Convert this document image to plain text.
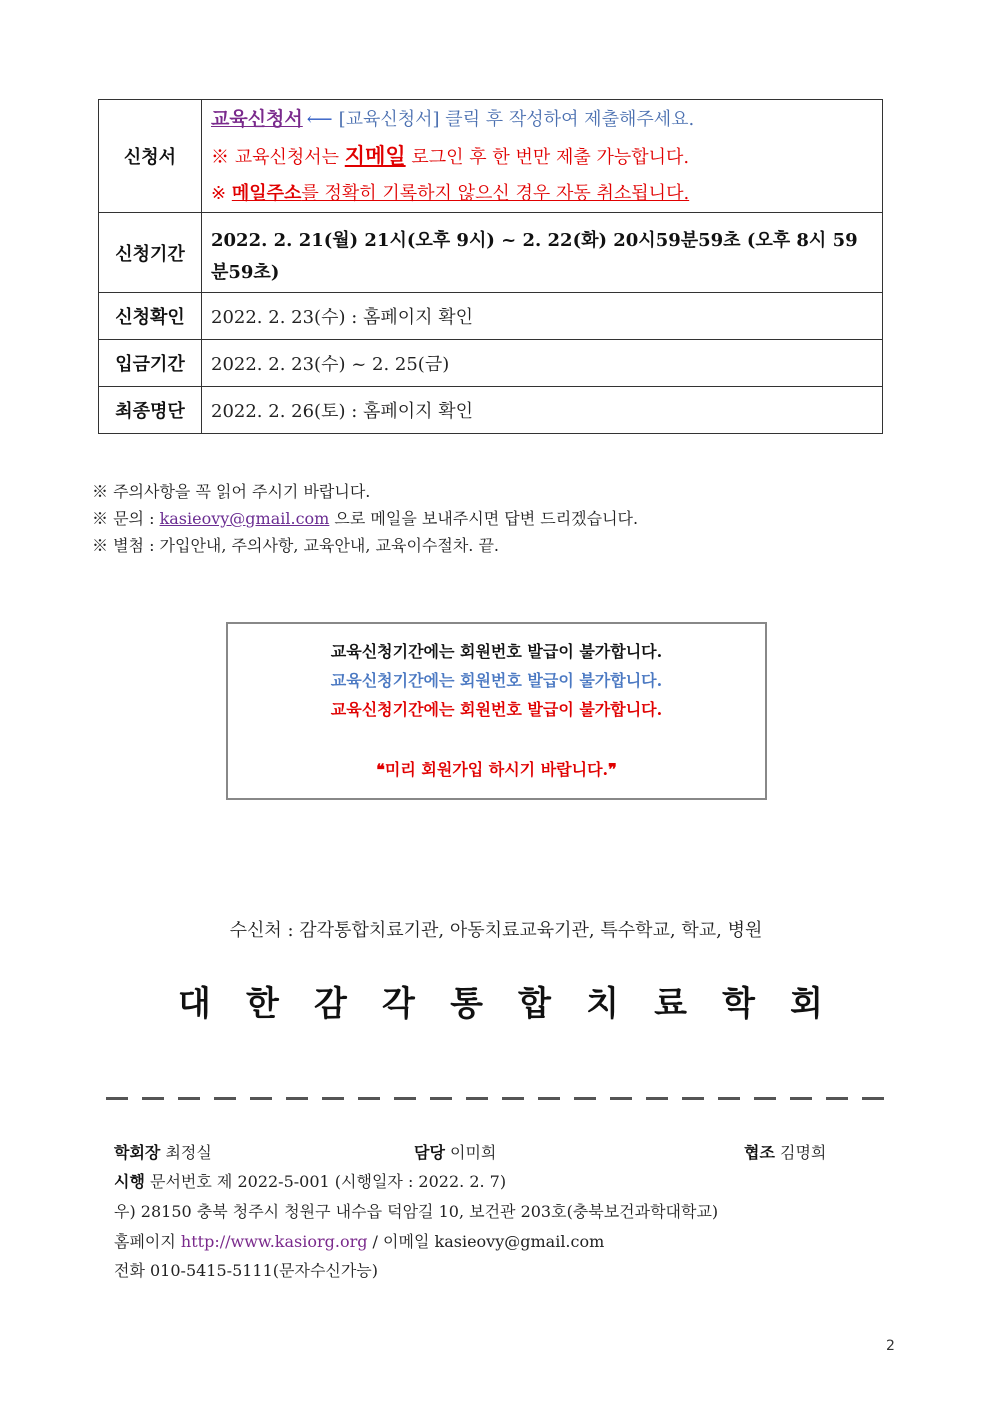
신청서	교육신청서 ⟵ [교육신청서] 클릭 후 작성하여 제출해주세요.
※ 교육신청서는 지메일 로그인 후 한 번만 제출 가능합니다.
※ 메일주소를 정확히 기록하지 않으신 경우 자동 취소됩니다.

신청기간	2022. 2. 21(월) 21시(오후 9시) ~ 2. 22(화) 20시59분59초 (오후 8시 59분59초)

신청확인	2022. 2. 23(수) : 홈페이지 확인
입금기간	2022. 2. 23(수) ~ 2. 25(금)
최종명단	2022. 2. 26(토) : 홈페이지 확인
※ 주의사항을 꼭 읽어 주시기 바랍니다.
※ 문의 : kasieovy@gmail.com 으로 메일을 보내주시면 답변 드리겠습니다.
※ 별첨 : 가입안내, 주의사항, 교육안내, 교육이수절차. 끝.
교육신청기간에는 회원번호 발급이 불가합니다.
교육신청기간에는 회원번호 발급이 불가합니다.
교육신청기간에는 회원번호 발급이 불가합니다.
❝미리 회원가입 하시기 바랍니다.❞
수신처 : 감각통합치료기관, 아동치료교육기관, 특수학교, 학교, 병원
대 한 감 각 통 합 치 료 학 회
학회장 최정실	담당 이미희	협조 김명희
시행 문서번호 제 2022-5-001 (시행일자 : 2022. 2. 7)
우) 28150 충북 청주시 청원구 내수읍 덕암길 10, 보건관 203호(충북보건과학대학교)
홈페이지 http://www.kasiorg.org / 이메일 kasieovy@gmail.com
전화 010-5415-5111(문자수신가능)
2
